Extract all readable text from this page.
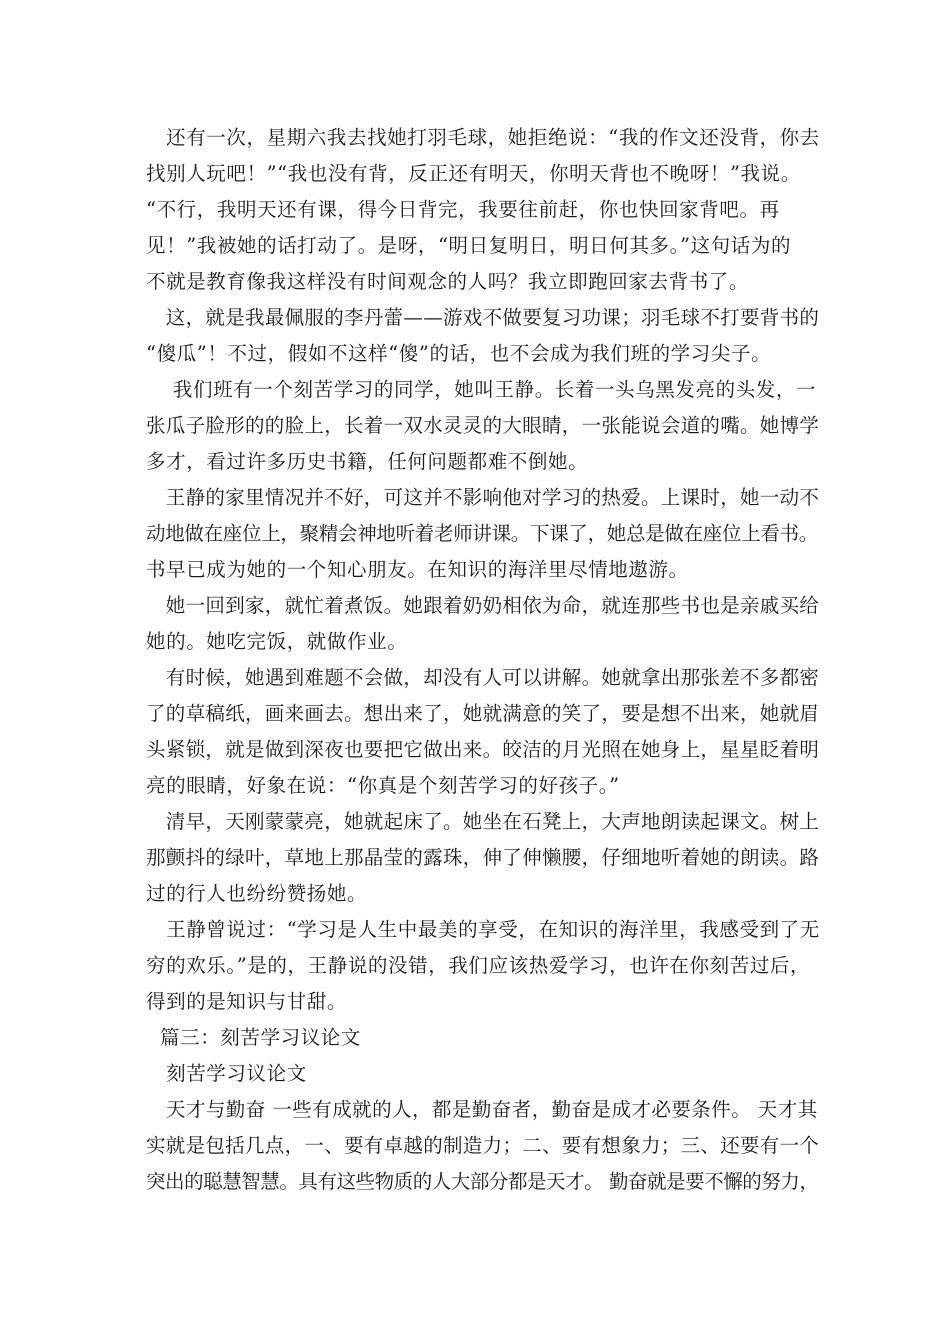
　还有一次，星期六我去找她打羽毛球，她拒绝说：“我的作文还没背，你去
找别人玩吧！”“我也没有背，反正还有明天，你明天背也不晚呀！”我说。
“不行，我明天还有课，得今日背完，我要往前赶，你也快回家背吧。再
见！”我被她的话打动了。是呀，“明日复明日，明日何其多。”这句话为的
不就是教育像我这样没有时间观念的人吗？我立即跑回家去背书了。
　这，就是我最佩服的李丹蕾——游戏不做要复习功课；羽毛球不打要背书的
“傻瓜”！不过，假如不这样“傻”的话，也不会成为我们班的学习尖子。
　 我们班有一个刻苦学习的同学，她叫王静。长着一头乌黑发亮的头发，一
张瓜子脸形的的脸上，长着一双水灵灵的大眼睛，一张能说会道的嘴。她博学
多才，看过许多历史书籍，任何问题都难不倒她。
　王静的家里情况并不好，可这并不影响他对学习的热爱。上课时，她一动不
动地做在座位上，聚精会神地听着老师讲课。下课了，她总是做在座位上看书。
书早已成为她的一个知心朋友。在知识的海洋里尽情地遨游。
　她一回到家，就忙着煮饭。她跟着奶奶相依为命，就连那些书也是亲戚买给
她的。她吃完饭，就做作业。
　有时候，她遇到难题不会做，却没有人可以讲解。她就拿出那张差不多都密
了的草稿纸，画来画去。想出来了，她就满意的笑了，要是想不出来，她就眉
头紧锁，就是做到深夜也要把它做出来。皎洁的月光照在她身上，星星眨着明
亮的眼睛，好象在说：“你真是个刻苦学习的好孩子。”
　清早，天刚蒙蒙亮，她就起床了。她坐在石凳上，大声地朗读起课文。树上
那颤抖的绿叶，草地上那晶莹的露珠，伸了伸懒腰，仔细地听着她的朗读。路
过的行人也纷纷赞扬她。
　王静曾说过：“学习是人生中最美的享受，在知识的海洋里，我感受到了无
穷的欢乐。”是的，王静说的没错，我们应该热爱学习，也许在你刻苦过后，
得到的是知识与甘甜。
篇三：刻苦学习议论文
　刻苦学习议论文
　天才与勤奋 一些有成就的人，都是勤奋者，勤奋是成才必要条件。 天才其
实就是包括几点，一、要有卓越的制造力；二、要有想象力；三、还要有一个
突出的聪慧智慧。具有这些物质的人大部分都是天才。 勤奋就是要不懈的努力，
